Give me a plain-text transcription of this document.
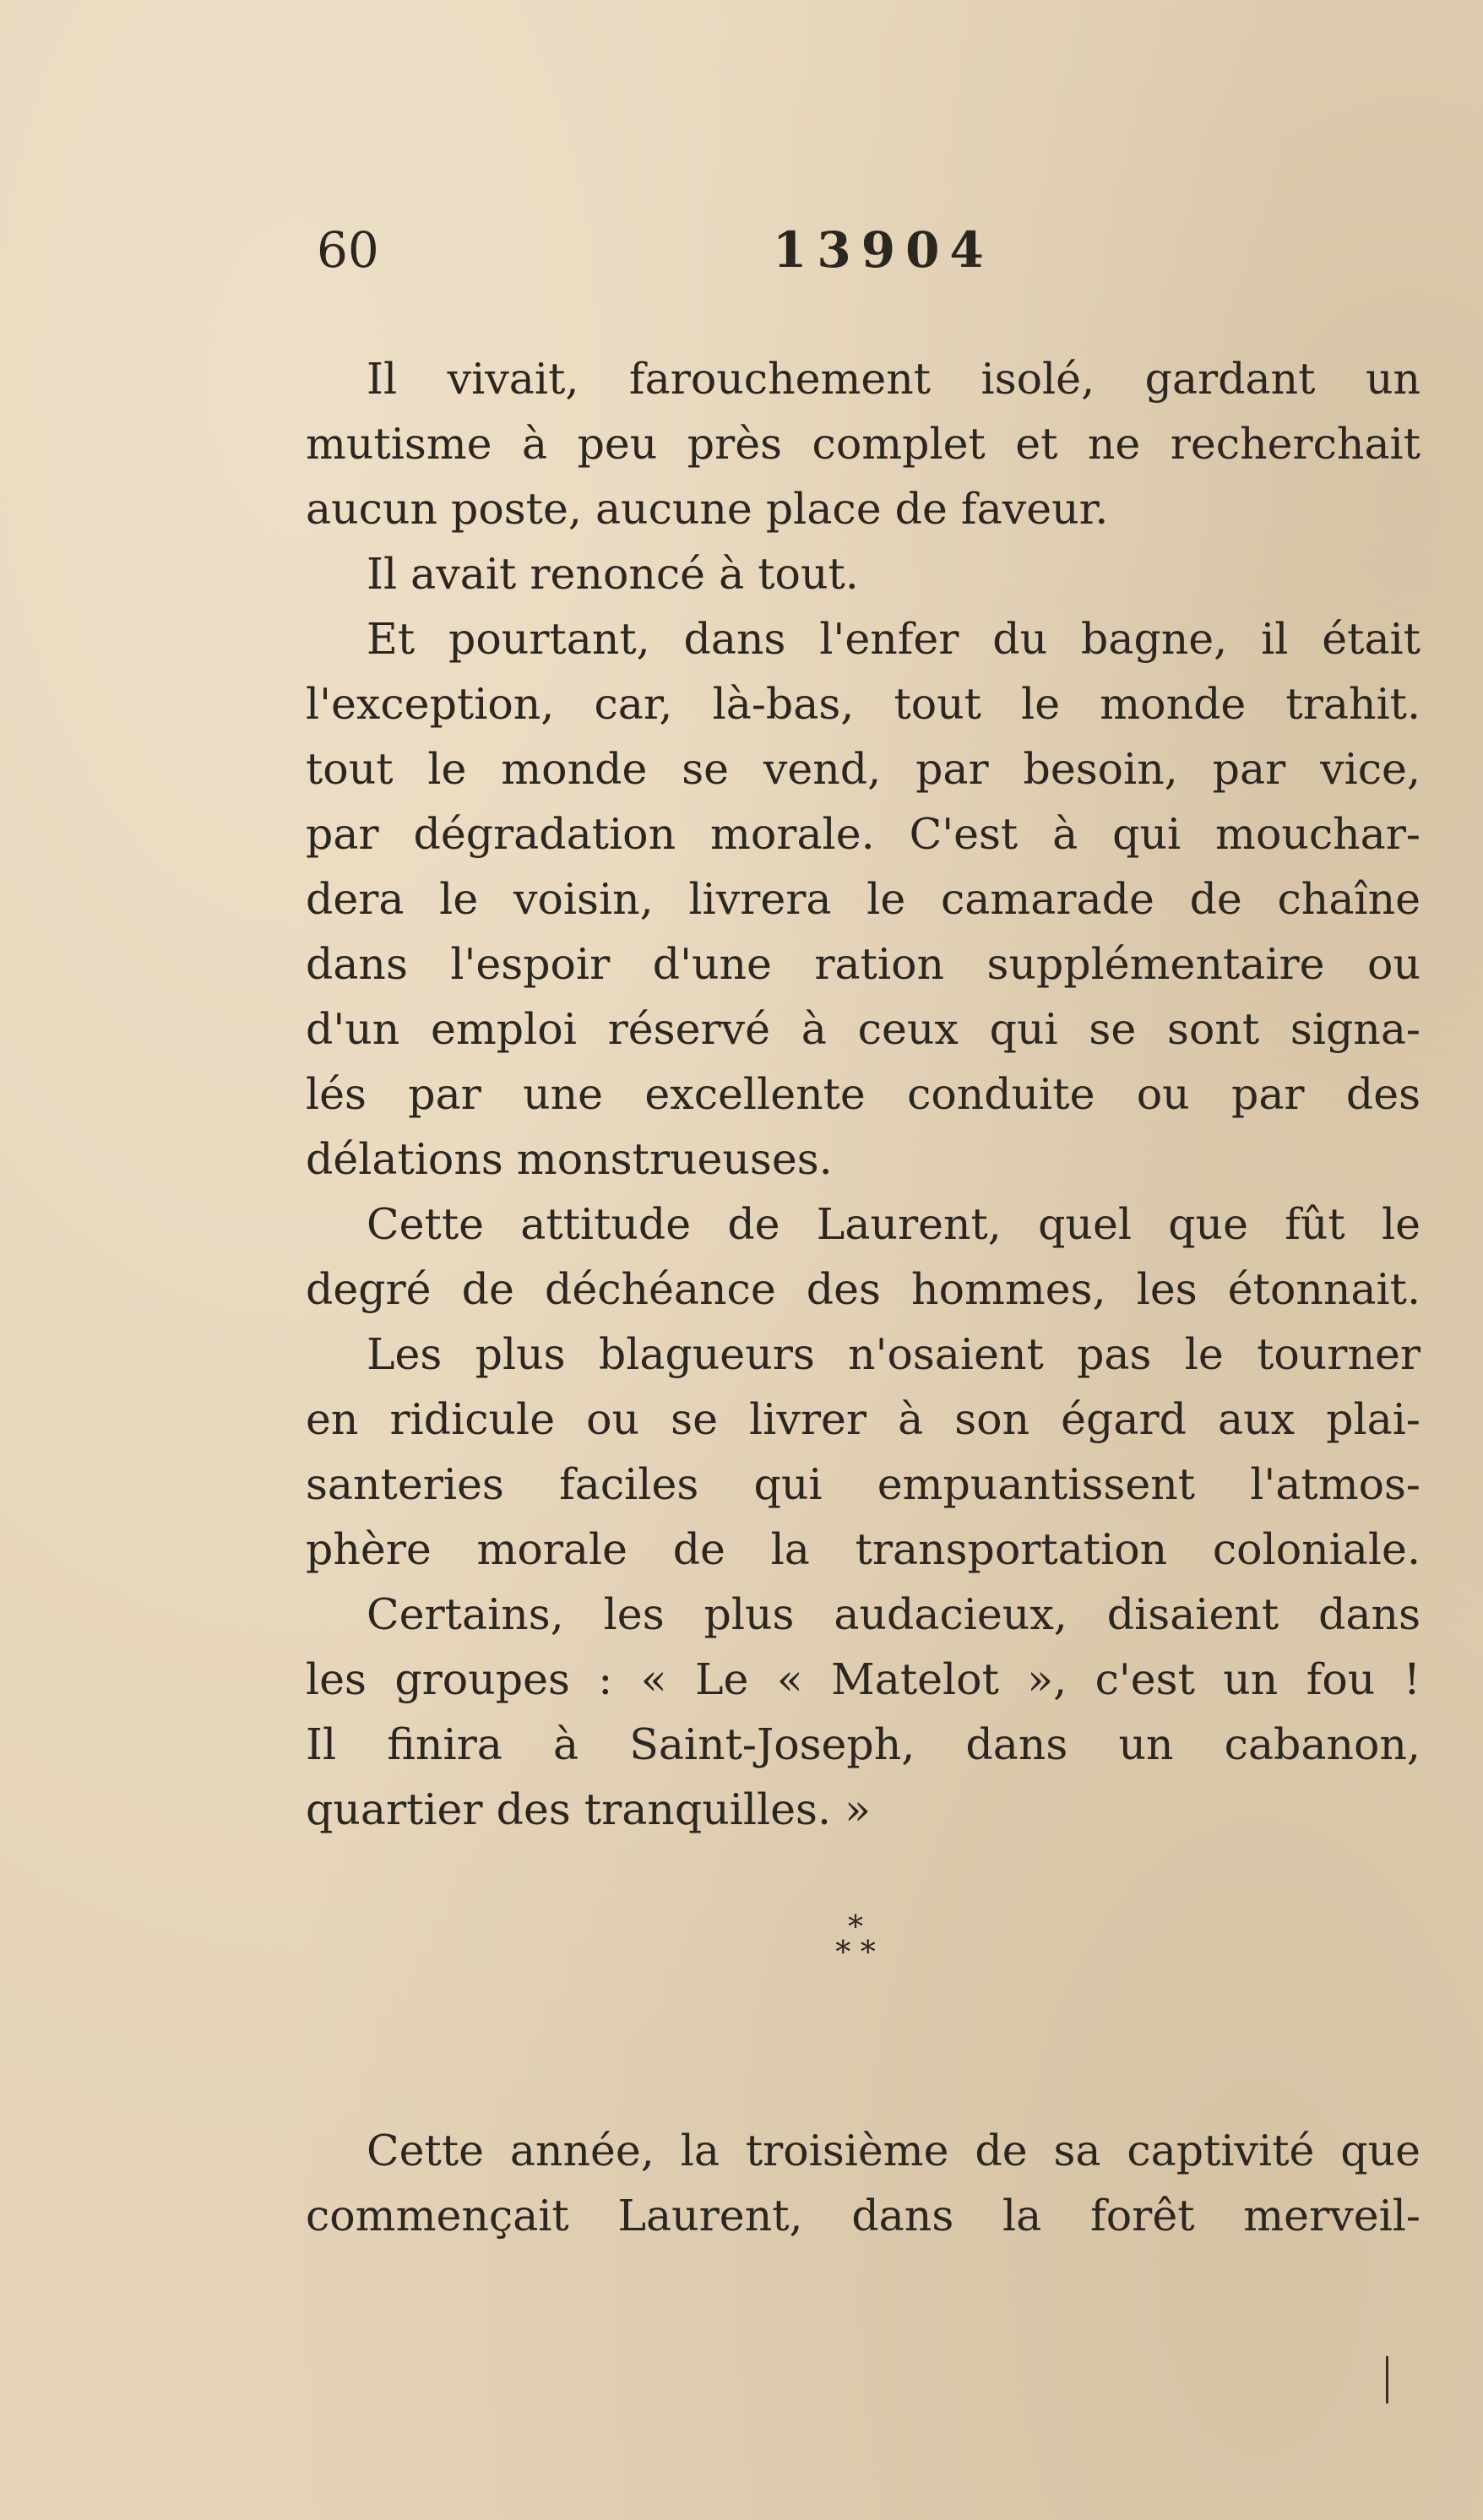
60	13904
Il vivait, farouchement isolé, gardant un
mutisme à peu près complet et ne recherchait
aucun poste, aucune place de faveur.
Il avait renoncé à tout.
Et pourtant, dans l'enfer du bagne, il était
l'exception, car, là-bas, tout le monde trahit.
tout le monde se vend, par besoin, par vice,
par dégradation morale. C'est à qui mouchar-
dera le voisin, livrera le camarade de chaîne
dans l'espoir d'une ration supplémentaire ou
d'un emploi réservé à ceux qui se sont signa-
lés par une excellente conduite ou par des
délations monstrueuses.
Cette attitude de Laurent, quel que fût le
degré de déchéance des hommes, les étonnait.
Les plus blagueurs n'osaient pas le tourner
en ridicule ou se livrer à son égard aux plai-
santeries faciles qui empuantissent l'atmos-
phère morale de la transportation coloniale.
Certains, les plus audacieux, disaient dans
les groupes : « Le « Matelot », c'est un fou !
Il finira à Saint-Joseph, dans un cabanon,
quartier des tranquilles. »
*
* *
Cette année, la troisième de sa captivité que
commençait Laurent, dans la forêt merveil-
